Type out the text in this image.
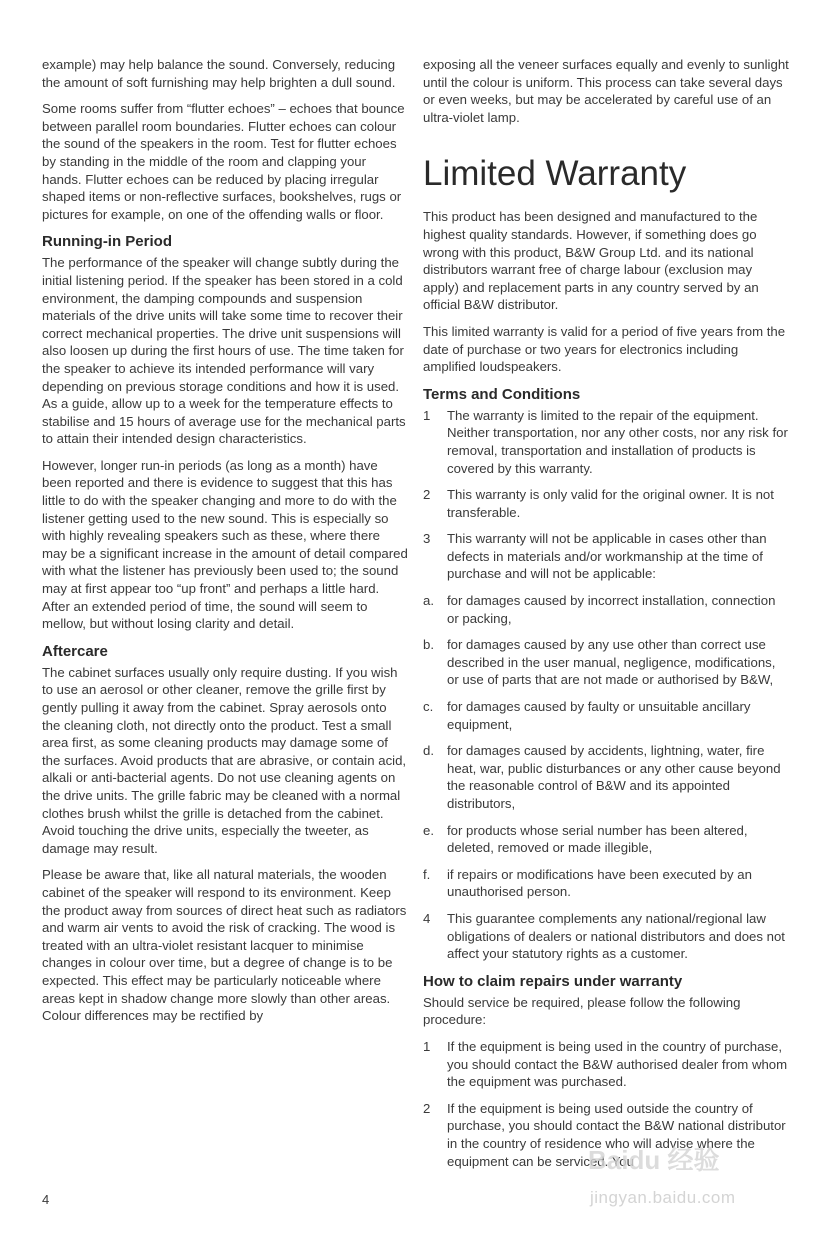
example) may help balance the sound. Conversely, reducing the amount of soft furnishing may help brighten a dull sound.

Some rooms suffer from “flutter echoes” – echoes that bounce between parallel room boundaries. Flutter echoes can colour the sound of the speakers in the room. Test for flutter echoes by standing in the middle of the room and clapping your hands. Flutter echoes can be reduced by placing irregular shaped items or non-reflective surfaces, bookshelves, rugs or pictures for example, on one of the offending walls or floor.

Running-in Period

The performance of the speaker will change subtly during the initial listening period. If the speaker has been stored in a cold environment, the damping compounds and suspension materials of the drive units will take some time to recover their correct mechanical properties. The drive unit suspensions will also loosen up during the first hours of use. The time taken for the speaker to achieve its intended performance will vary depending on previous storage conditions and how it is used. As a guide, allow up to a week for the temperature effects to stabilise and 15 hours of average use for the mechanical parts to attain their intended design characteristics.

However, longer run-in periods (as long as a month) have been reported and there is evidence to suggest that this has little to do with the speaker changing and more to do with the listener getting used to the new sound. This is especially so with highly revealing speakers such as these, where there may be a significant increase in the amount of detail compared with what the listener has previously been used to; the sound may at first appear too “up front” and perhaps a little hard. After an extended period of time, the sound will seem to mellow, but without losing clarity and detail.

Aftercare

The cabinet surfaces usually only require dusting. If you wish to use an aerosol or other cleaner, remove the grille first by gently pulling it away from the cabinet. Spray aerosols onto the cleaning cloth, not directly onto the product. Test a small area first, as some cleaning products may damage some of the surfaces. Avoid products that are abrasive, or contain acid, alkali or anti-bacterial agents. Do not use cleaning agents on the drive units. The grille fabric may be cleaned with a normal clothes brush whilst the grille is detached from the cabinet. Avoid touching the drive units, especially the tweeter, as damage may result.

Please be aware that, like all natural materials, the wooden cabinet of the speaker will respond to its environment. Keep the product away from sources of direct heat such as radiators and warm air vents to avoid the risk of cracking. The wood is treated with an ultra-violet resistant lacquer to minimise changes in colour over time, but a degree of change is to be expected. This effect may be particularly noticeable where areas kept in shadow change more slowly than other areas. Colour differences may be rectified by

exposing all the veneer surfaces equally and evenly to sunlight until the colour is uniform. This process can take several days or even weeks, but may be accelerated by careful use of an ultra-violet lamp.

Limited Warranty

This product has been designed and manufactured to the highest quality standards. However, if something does go wrong with this product, B&W Group Ltd. and its national distributors warrant free of charge labour (exclusion may apply) and replacement parts in any country served by an official B&W distributor.

This limited warranty is valid for a period of five years from the date of purchase or two years for electronics including amplified loudspeakers.

Terms and Conditions
1 The warranty is limited to the repair of the equipment. Neither transportation, nor any other costs, nor any risk for removal, transportation and installation of products is covered by this warranty.
2 This warranty is only valid for the original owner. It is not transferable.
3 This warranty will not be applicable in cases other than defects in materials and/or workmanship at the time of purchase and will not be applicable:
a. for damages caused by incorrect installation, connection or packing,
b. for damages caused by any use other than correct use described in the user manual, negligence, modifications, or use of parts that are not made or authorised by B&W,
c. for damages caused by faulty or unsuitable ancillary equipment,
d. for damages caused by accidents, lightning, water, fire heat, war, public disturbances or any other cause beyond the reasonable control of B&W and its appointed distributors,
e. for products whose serial number has been altered, deleted, removed or made illegible,
f. if repairs or modifications have been executed by an unauthorised person.
4 This guarantee complements any national/regional law obligations of dealers or national distributors and does not affect your statutory rights as a customer.
How to claim repairs under warranty

Should service be required, please follow the following procedure:

1 If the equipment is being used in the country of purchase, you should contact the B&W authorised dealer from whom the equipment was purchased.
2 If the equipment is being used outside the country of purchase, you should contact the B&W national distributor in the country of residence who will advise where the equipment can be serviced. You
4
Baidu 经验
jingyan.baidu.com
